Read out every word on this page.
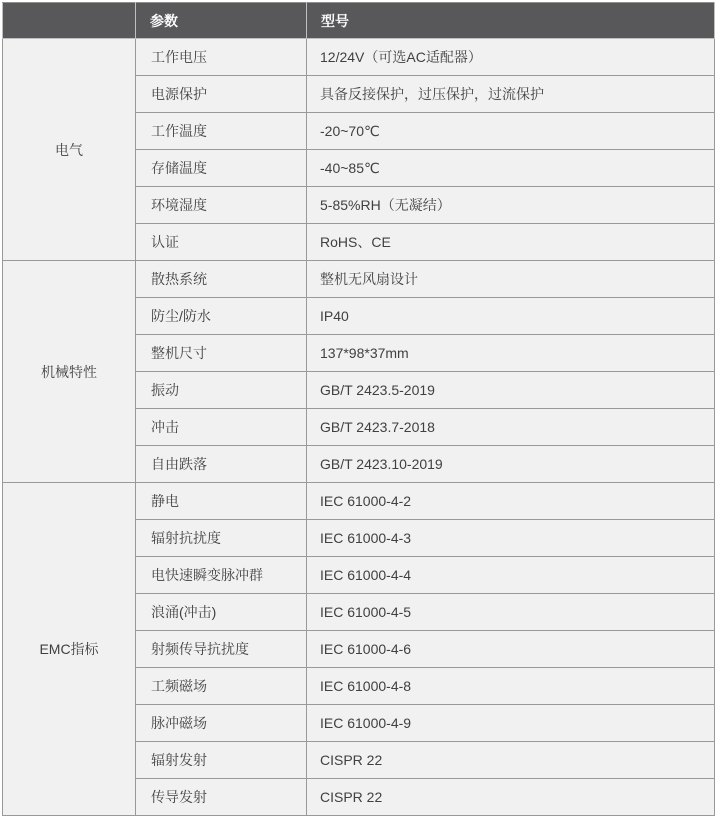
	参数	型号
电气	工作电压	12/24V（可选AC适配器）
	电源保护	具备反接保护，过压保护，过流保护
	工作温度	-20~70℃
	存储温度	-40~85℃
	环境湿度	5-85%RH（无凝结）
	认证	RoHS、CE
机械特性	散热系统	整机无风扇设计
	防尘/防水	IP40
	整机尺寸	137*98*37mm
	振动	GB/T 2423.5-2019
	冲击	GB/T 2423.7-2018
	自由跌落	GB/T 2423.10-2019
EMC指标	静电	IEC 61000-4-2
	辐射抗扰度	IEC 61000-4-3
	电快速瞬变脉冲群	IEC 61000-4-4
	浪涌(冲击)	IEC 61000-4-5
	射频传导抗扰度	IEC 61000-4-6
	工频磁场	IEC 61000-4-8
	脉冲磁场	IEC 61000-4-9
	辐射发射	CISPR 22
	传导发射	CISPR 22
